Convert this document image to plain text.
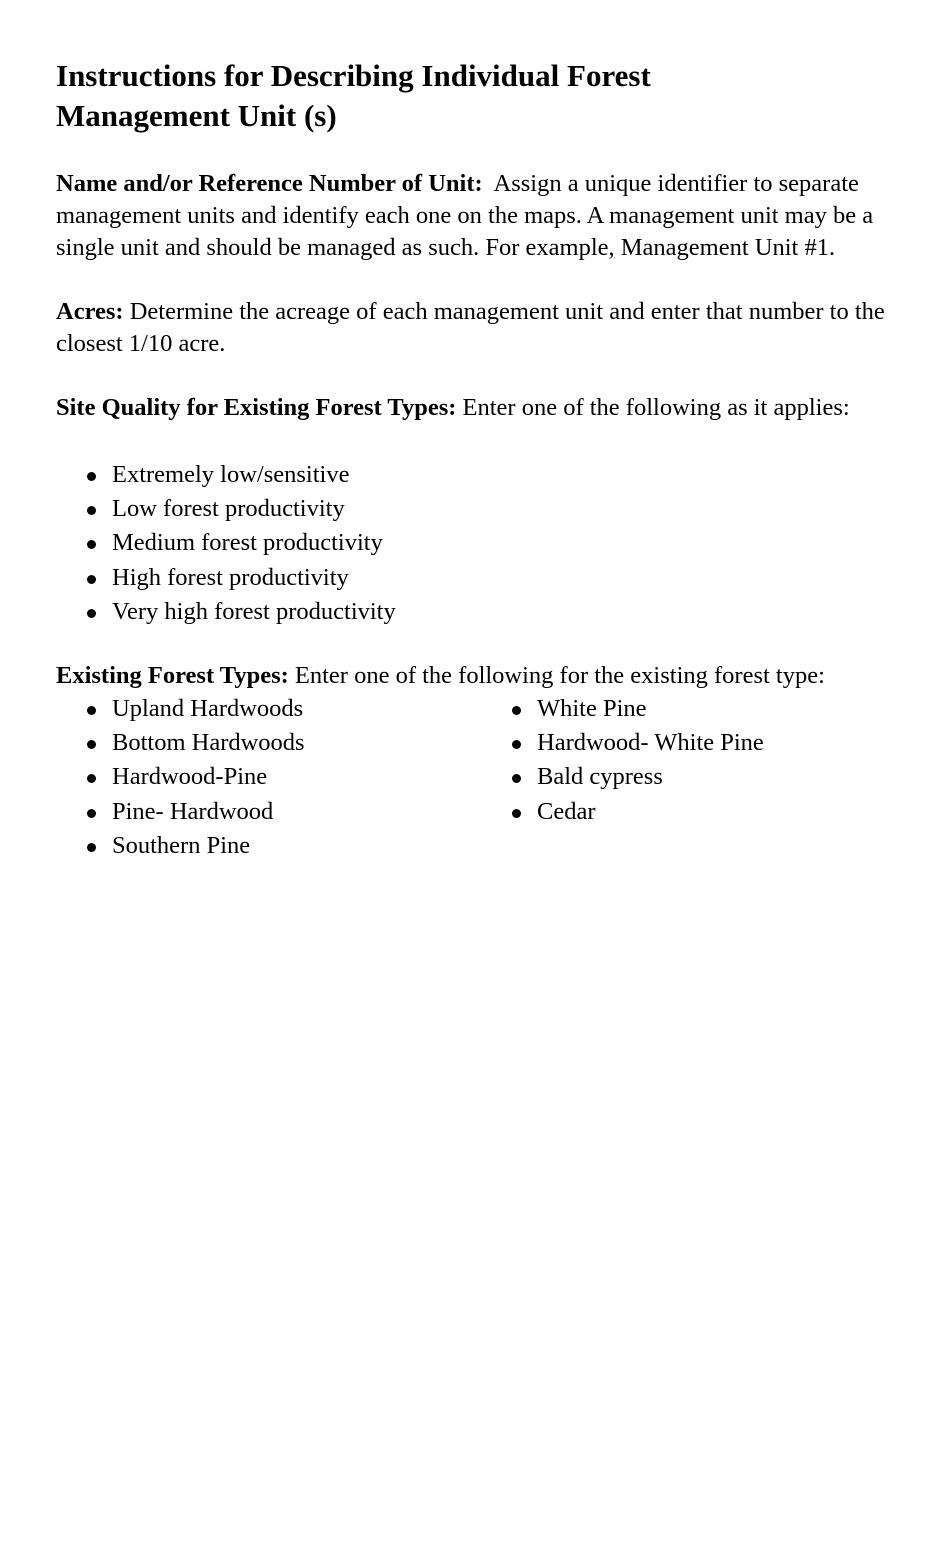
Instructions for Describing Individual Forest Management Unit (s)

Name and/or Reference Number of Unit: Assign a unique identifier to separate management units and identify each one on the maps. A management unit may be a single unit and should be managed as such. For example, Management Unit #1.

Acres: Determine the acreage of each management unit and enter that number to the closest 1/10 acre.

Site Quality for Existing Forest Types: Enter one of the following as it applies:

Extremely low/sensitive
Low forest productivity
Medium forest productivity
High forest productivity
Very high forest productivity

Existing Forest Types: Enter one of the following for the existing forest type:

Upland Hardwoods
Bottom Hardwoods
Hardwood-Pine
Pine- Hardwood
Southern Pine
White Pine
Hardwood- White Pine
Bald cypress
Cedar
